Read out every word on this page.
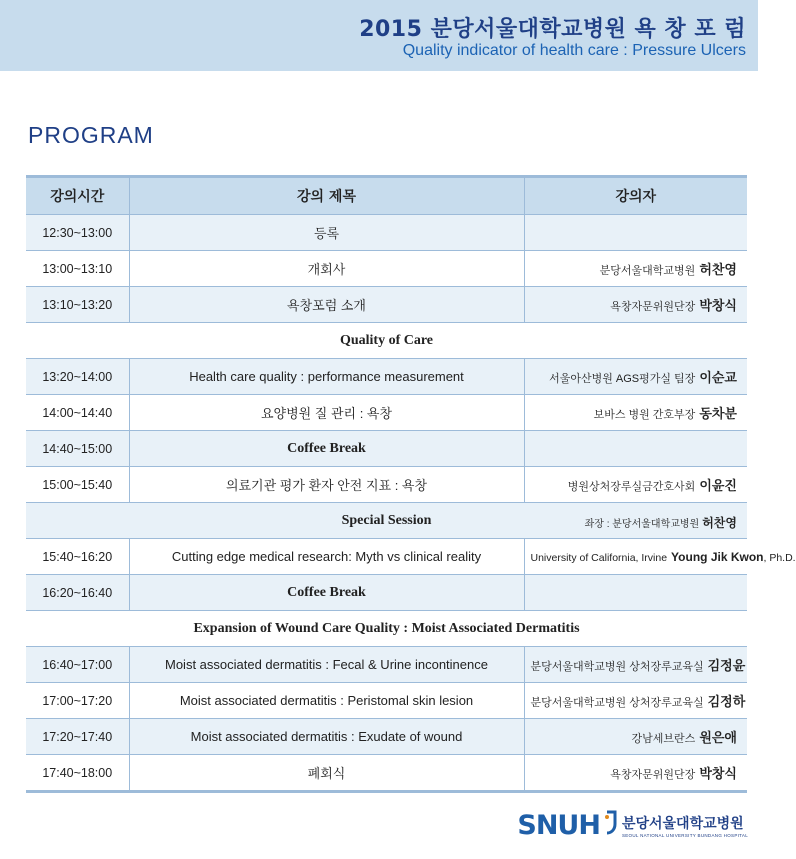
2015 분당서울대학교병원 욕 창 포 럼
Quality indicator of health care : Pressure Ulcers
PROGRAM
강의시간	강의 제목	강의자
12:30~13:00	등록	
13:00~13:10	개회사	분당서울대학교병원 허찬영
13:10~13:20	욕창포럼 소개	욕창자문위원단장 박창식
Quality of Care		
13:20~14:00	Health care quality : performance measurement	서울아산병원 AGS평가실 팀장 이순교
14:00~14:40	요양병원 질 관리 : 욕창	보바스 병원 간호부장 동차분
14:40~15:00	Coffee Break	
15:00~15:40	의료기관 평가 환자 안전 지표 : 욕창	병원상처장루실금간호사회 이윤진

Special Session 좌장 : 분당서울대학교병원 허찬영		

15:40~16:20	Cutting edge medical research: Myth vs clinical reality	University of California, Irvine Young Jik Kwon, Ph.D.
16:20~16:40	Coffee Break	
Expansion of Wound Care Quality : Moist Associated Dermatitis		
16:40~17:00	Moist associated dermatitis : Fecal & Urine incontinence	분당서울대학교병원 상처장루교육실 김정윤
17:00~17:20	Moist associated dermatitis : Peristomal skin lesion	분당서울대학교병원 상처장루교육실 김정하
17:20~17:40	Moist associated dermatitis : Exudate of wound	강남세브란스 원은애
17:40~18:00	폐회식	욕창자문위원단장 박창식
SNUH 분당서울대학교병원
SEOUL NATIONAL UNIVERSITY BUNDANG HOSPITAL
